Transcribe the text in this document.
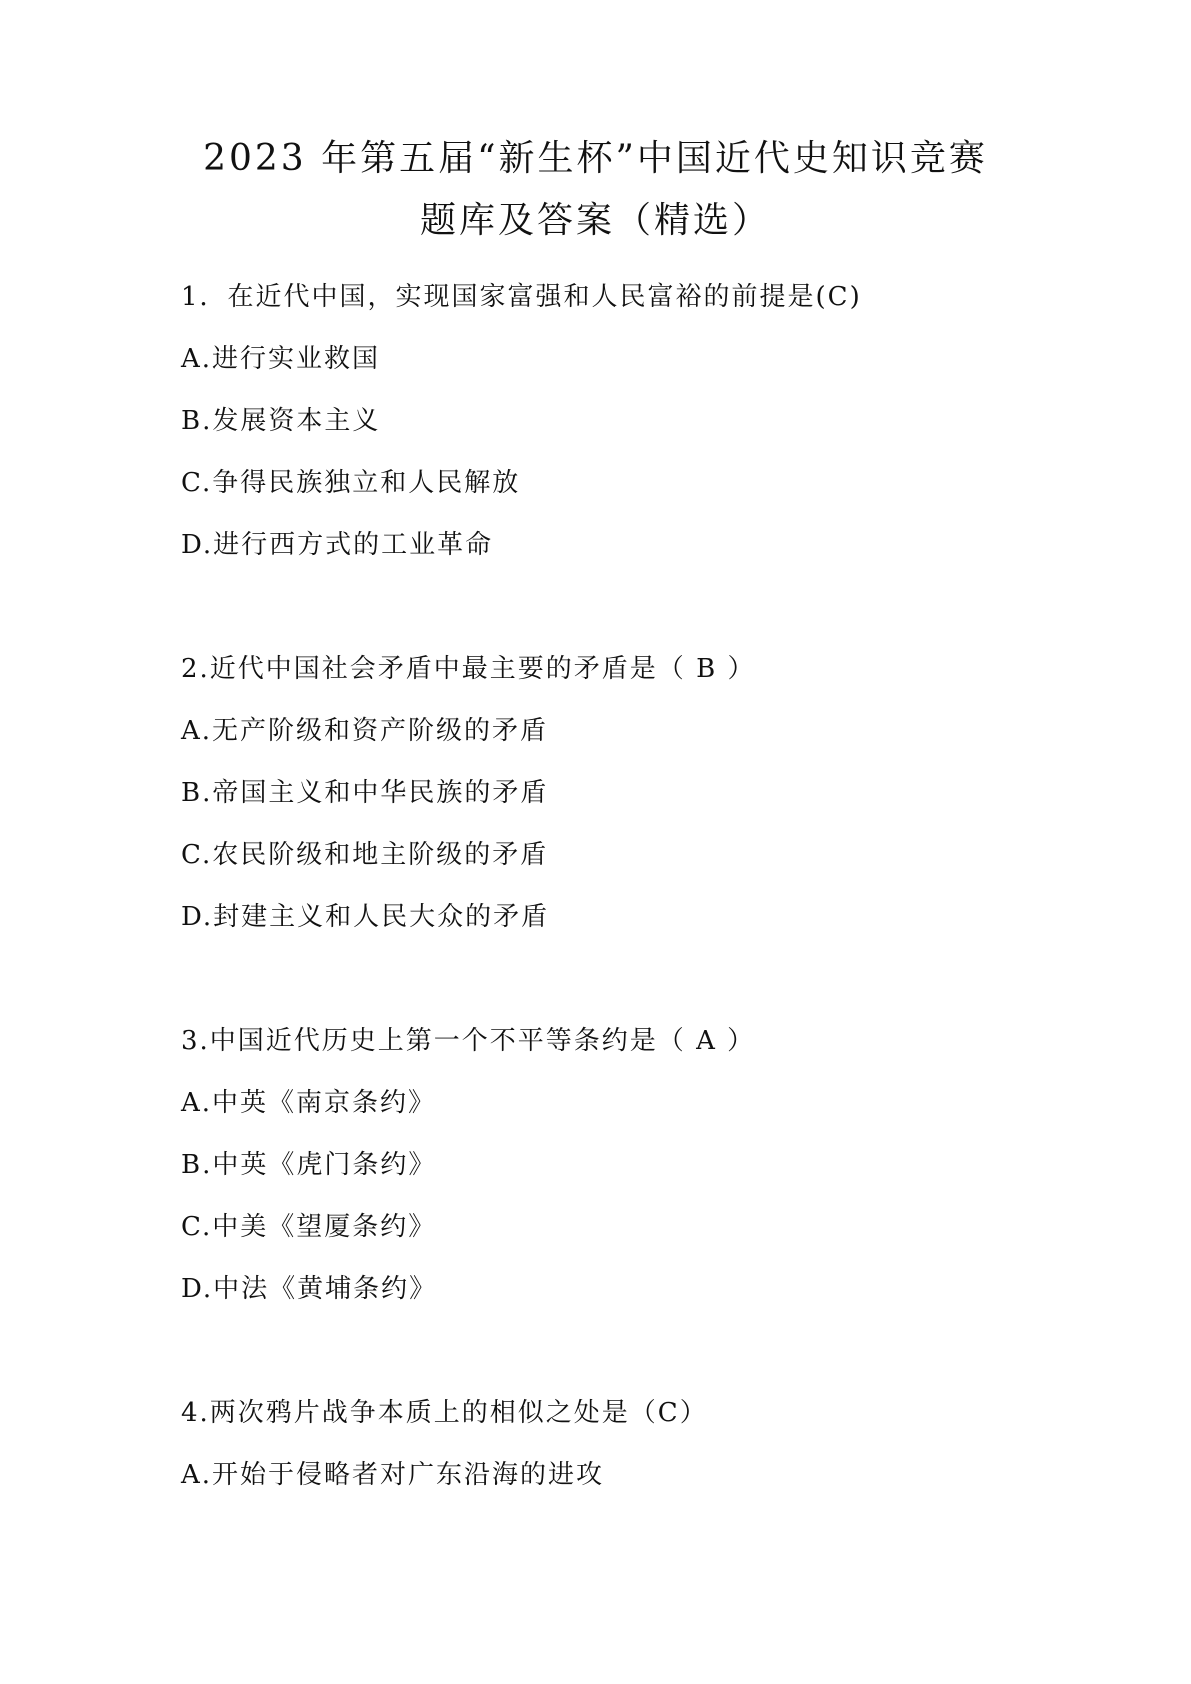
2023 年第五届“新生杯”中国近代史知识竞赛
题库及答案（精选）
1．在近代中国，实现国家富强和人民富裕的前提是(C)
A.进行实业救国
B.发展资本主义
C.争得民族独立和人民解放
D.进行西方式的工业革命
2.近代中国社会矛盾中最主要的矛盾是（ B ）
A.无产阶级和资产阶级的矛盾
B.帝国主义和中华民族的矛盾
C.农民阶级和地主阶级的矛盾
D.封建主义和人民大众的矛盾
3.中国近代历史上第一个不平等条约是（ A ）
A.中英《南京条约》
B.中英《虎门条约》
C.中美《望厦条约》
D.中法《黄埔条约》
4.两次鸦片战争本质上的相似之处是（C）
A.开始于侵略者对广东沿海的进攻
